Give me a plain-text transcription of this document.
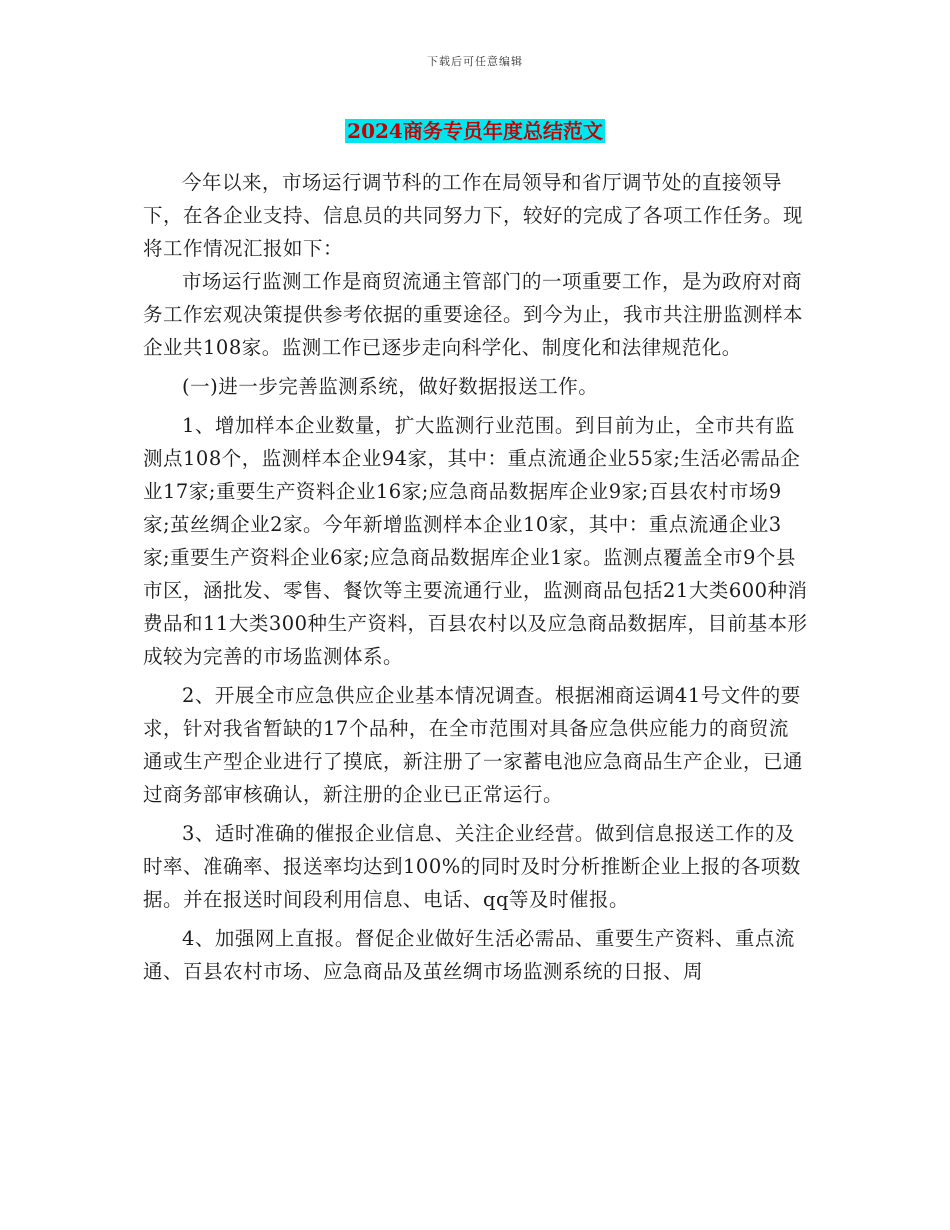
下载后可任意编辑
2024商务专员年度总结范文

今年以来，市场运行调节科的工作在局领导和省厅调节处的直接领导下，在各企业支持、信息员的共同努力下，较好的完成了各项工作任务。现将工作情况汇报如下：

市场运行监测工作是商贸流通主管部门的一项重要工作，是为政府对商务工作宏观决策提供参考依据的重要途径。到今为止，我市共注册监测样本企业共108家。监测工作已逐步走向科学化、制度化和法律规范化。

(一)进一步完善监测系统，做好数据报送工作。

1、增加样本企业数量，扩大监测行业范围。到目前为止，全市共有监测点108个，监测样本企业94家，其中：重点流通企业55家;生活必需品企业17家;重要生产资料企业16家;应急商品数据库企业9家;百县农村市场9家;茧丝绸企业2家。今年新增监测样本企业10家，其中：重点流通企业3家;重要生产资料企业6家;应急商品数据库企业1家。监测点覆盖全市9个县市区，涵批发、零售、餐饮等主要流通行业，监测商品包括21大类600种消费品和11大类300种生产资料，百县农村以及应急商品数据库，目前基本形成较为完善的市场监测体系。

2、开展全市应急供应企业基本情况调查。根据湘商运调41号文件的要求，针对我省暂缺的17个品种，在全市范围对具备应急供应能力的商贸流通或生产型企业进行了摸底，新注册了一家蓄电池应急商品生产企业，已通过商务部审核确认，新注册的企业已正常运行。

3、适时准确的催报企业信息、关注企业经营。做到信息报送工作的及时率、准确率、报送率均达到100%的同时及时分析推断企业上报的各项数据。并在报送时间段利用信息、电话、qq等及时催报。

4、加强网上直报。督促企业做好生活必需品、重要生产资料、重点流通、百县农村市场、应急商品及茧丝绸市场监测系统的日报、周
